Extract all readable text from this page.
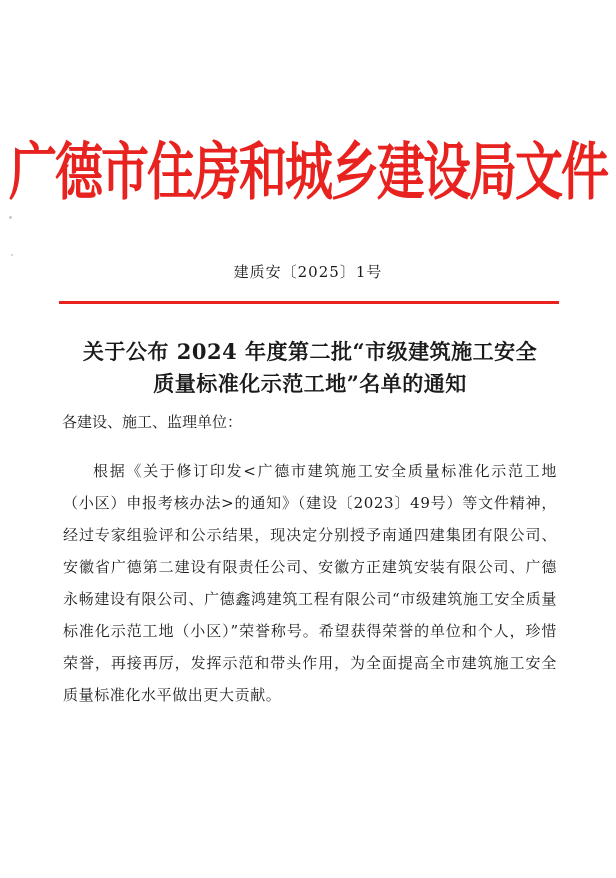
广德市住房和城乡建设局文件
建质安〔2025〕1号
关于公布 2024 年度第二批“市级建筑施工安全
质量标准化示范工地”名单的通知
各建设、施工、监理单位：
根据《关于修订印发<广德市建筑施工安全质量标准化示范工地（小区）申报考核办法>的通知》（建设〔2023〕49号）等文件精神，经过专家组验评和公示结果，现决定分别授予南通四建集团有限公司、安徽省广德第二建设有限责任公司、安徽方正建筑安装有限公司、广德永畅建设有限公司、广德鑫鸿建筑工程有限公司“市级建筑施工安全质量标准化示范工地（小区）”荣誉称号。希望获得荣誉的单位和个人，珍惜荣誉，再接再厉，发挥示范和带头作用，为全面提高全市建筑施工安全质量标准化水平做出更大贡献。
